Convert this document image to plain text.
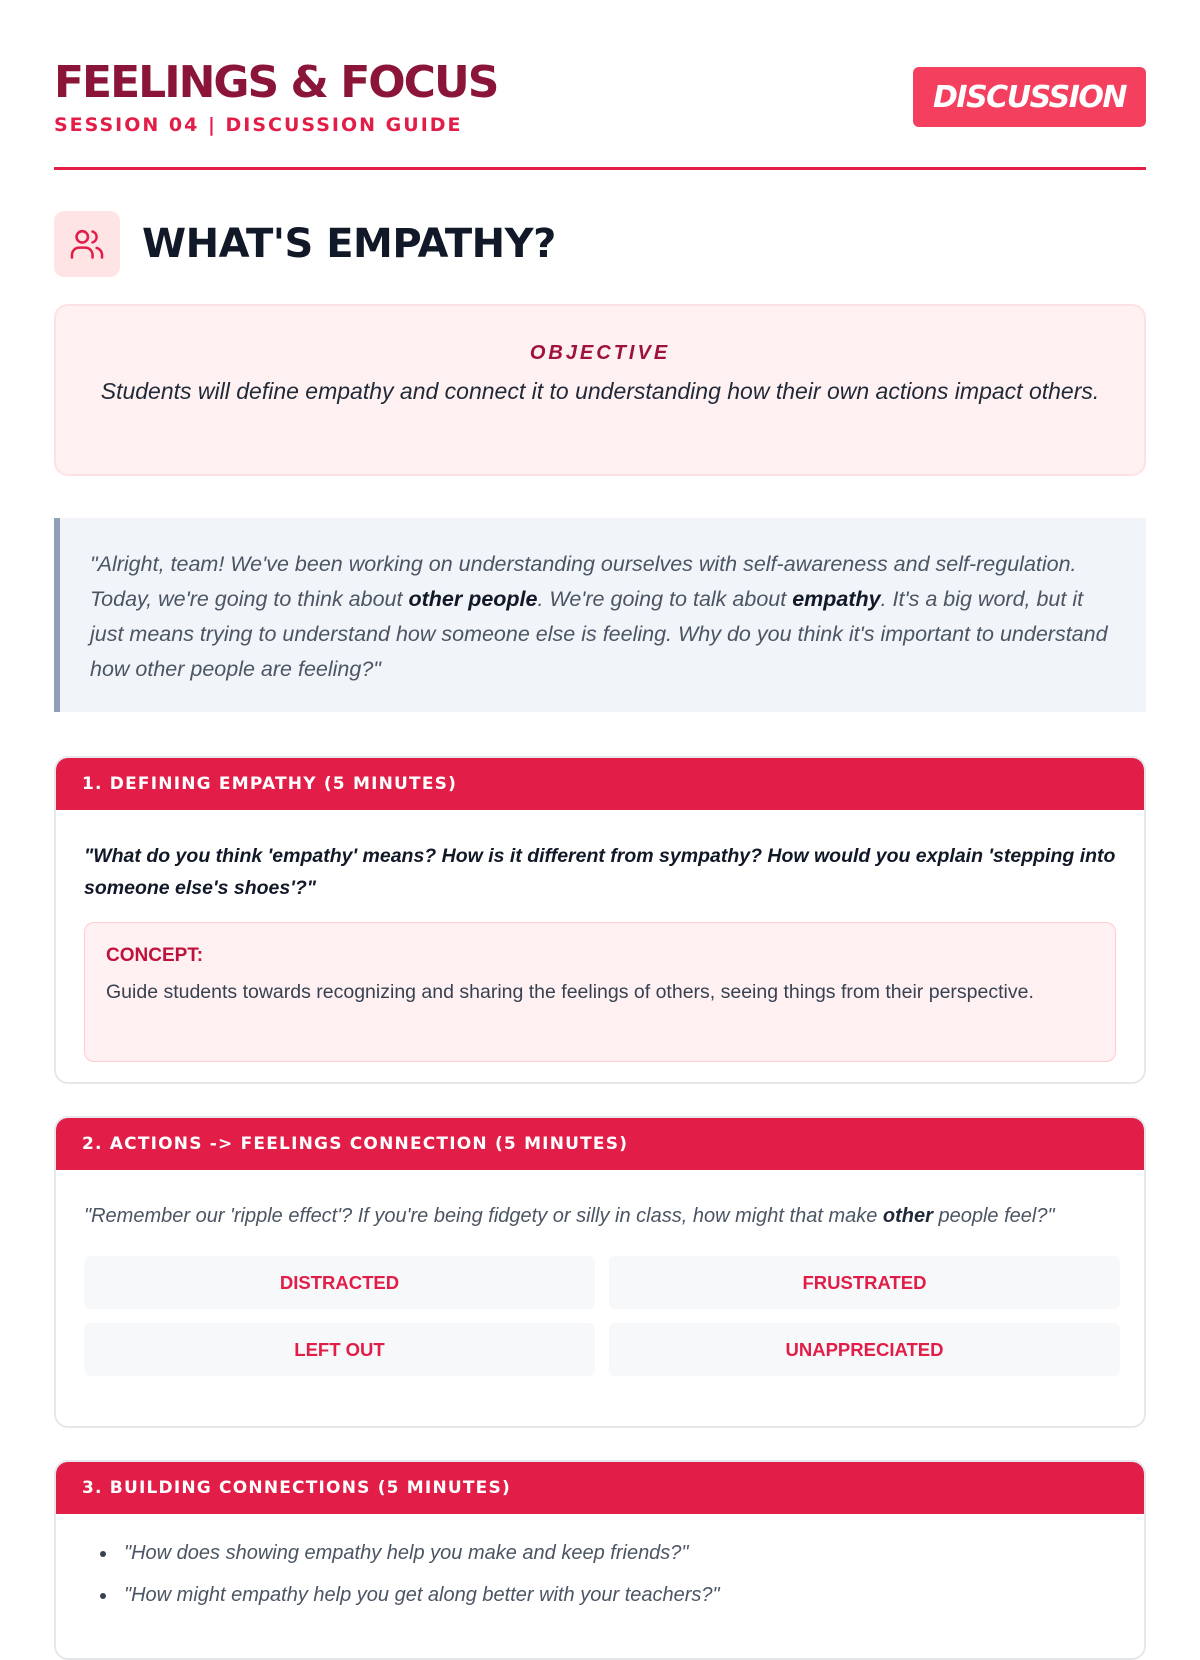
FEELINGS & FOCUS
SESSION 04 | DISCUSSION GUIDE
DISCUSSION
WHAT'S EMPATHY?
OBJECTIVE
Students will define empathy and connect it to understanding how their own actions impact others.
"Alright, team! We've been working on understanding ourselves with self-awareness and self-regulation. Today, we're going to think about other people. We're going to talk about empathy. It's a big word, but it just means trying to understand how someone else is feeling. Why do you think it's important to understand how other people are feeling?"
1. DEFINING EMPATHY (5 MINUTES)

"What do you think 'empathy' means? How is it different from sympathy? How would you explain 'stepping into someone else's shoes'?"

CONCEPT:
Guide students towards recognizing and sharing the feelings of others, seeing things from their perspective.
2. ACTIONS -> FEELINGS CONNECTION (5 MINUTES)

"Remember our 'ripple effect'? If you're being fidgety or silly in class, how might that make other people feel?"

DISTRACTED	FRUSTRATED
LEFT OUT	UNAPPRECIATED
3. BUILDING CONNECTIONS (5 MINUTES)
• "How does showing empathy help you make and keep friends?"
• "How might empathy help you get along better with your teachers?"
